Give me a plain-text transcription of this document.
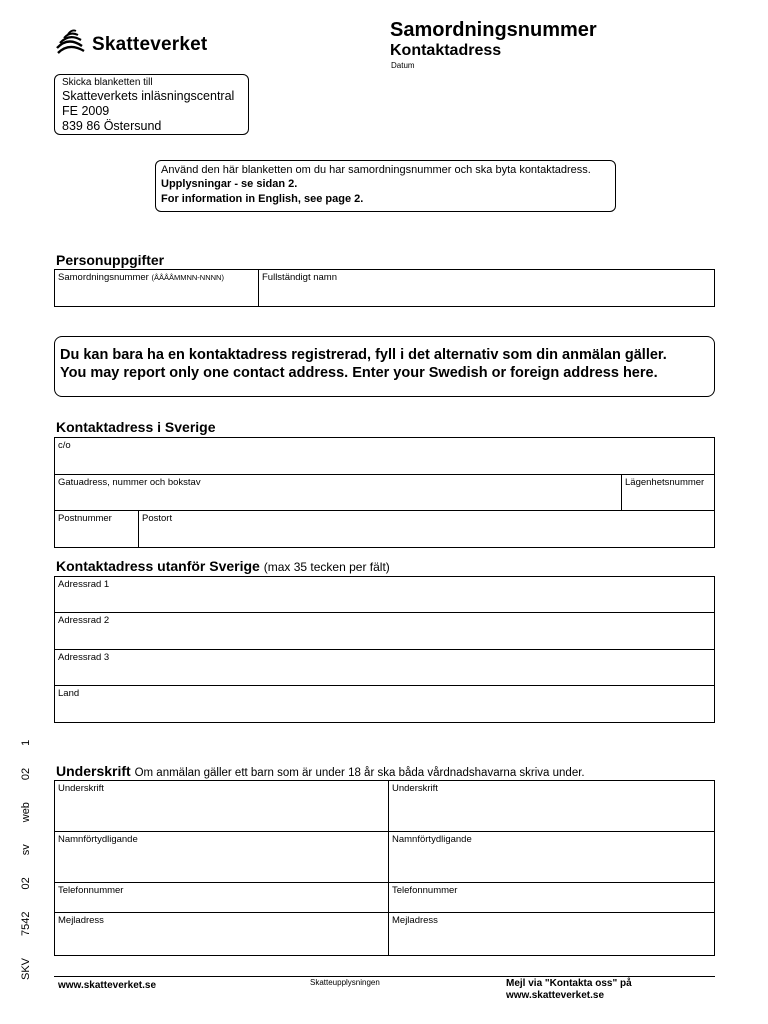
Skatteverket
Samordningsnummer
Kontaktadress
Datum
Skicka blanketten till
Skatteverkets inläsningscentral
FE 2009
839 86 Östersund
Använd den här blanketten om du har samordningsnummer och ska byta kontaktadress.
Upplysningar - se sidan 2.
For information in English, see page 2.
Personuppgifter
Samordningsnummer (ÅÅÅÅMMNN-NNNN)	Fullständigt namn
Du kan bara ha en kontaktadress registrerad, fyll i det alternativ som din anmälan gäller.
You may report only one contact address. Enter your Swedish or foreign address here.
Kontaktadress i Sverige
c/o
Gatuadress, nummer och bokstav	Lägenhetsnummer
Postnummer	Postort
Kontaktadress utanför Sverige (max 35 tecken per fält)
Adressrad 1
Adressrad 2
Adressrad 3
Land
Underskrift Om anmälan gäller ett barn som är under 18 år ska båda vårdnadshavarna skriva under.
Underskrift	Underskrift
Namnförtydligande	Namnförtydligande
Telefonnummer	Telefonnummer
Mejladress	Mejladress
SKV754202svweb021
www.skatteverket.se	Skatteupplysningen	Mejl via "Kontakta oss" på
www.skatteverket.se
